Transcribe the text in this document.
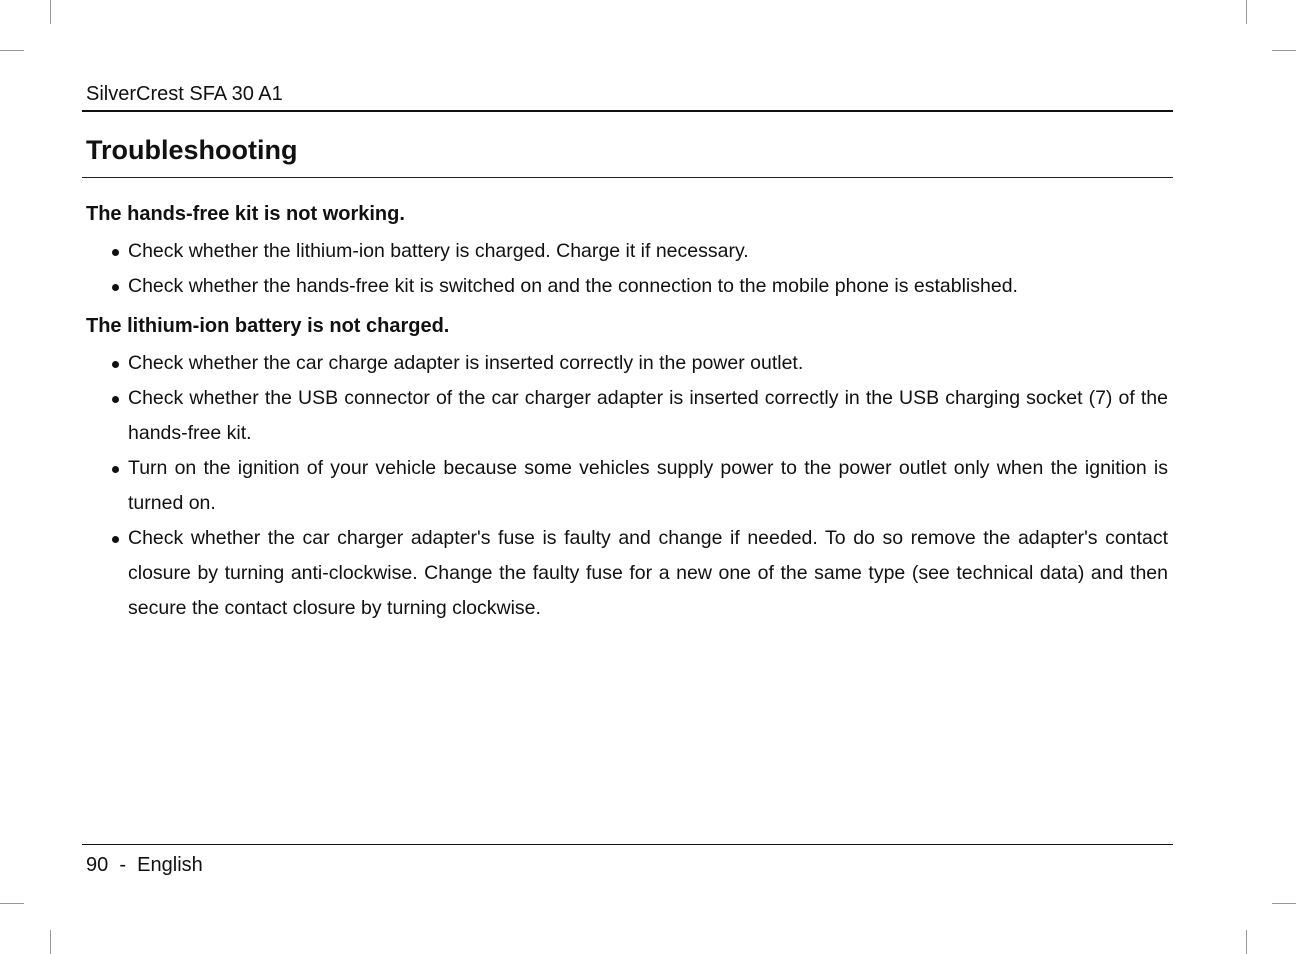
SilverCrest SFA 30 A1
Troubleshooting
The hands-free kit is not working.
Check whether the lithium-ion battery is charged. Charge it if necessary.
Check whether the hands-free kit is switched on and the connection to the mobile phone is established.
The lithium-ion battery is not charged.
Check whether the car charge adapter is inserted correctly in the power outlet.
Check whether the USB connector of the car charger adapter is inserted correctly in the USB charging socket (7) of the hands-free kit.
Turn on the ignition of your vehicle because some vehicles supply power to the power outlet only when the ignition is turned on.
Check whether the car charger adapter's fuse is faulty and change if needed. To do so remove the adapter's contact closure by turning anti-clockwise. Change the faulty fuse for a new one of the same type (see technical data) and then secure the contact closure by turning clockwise.
90 - English
